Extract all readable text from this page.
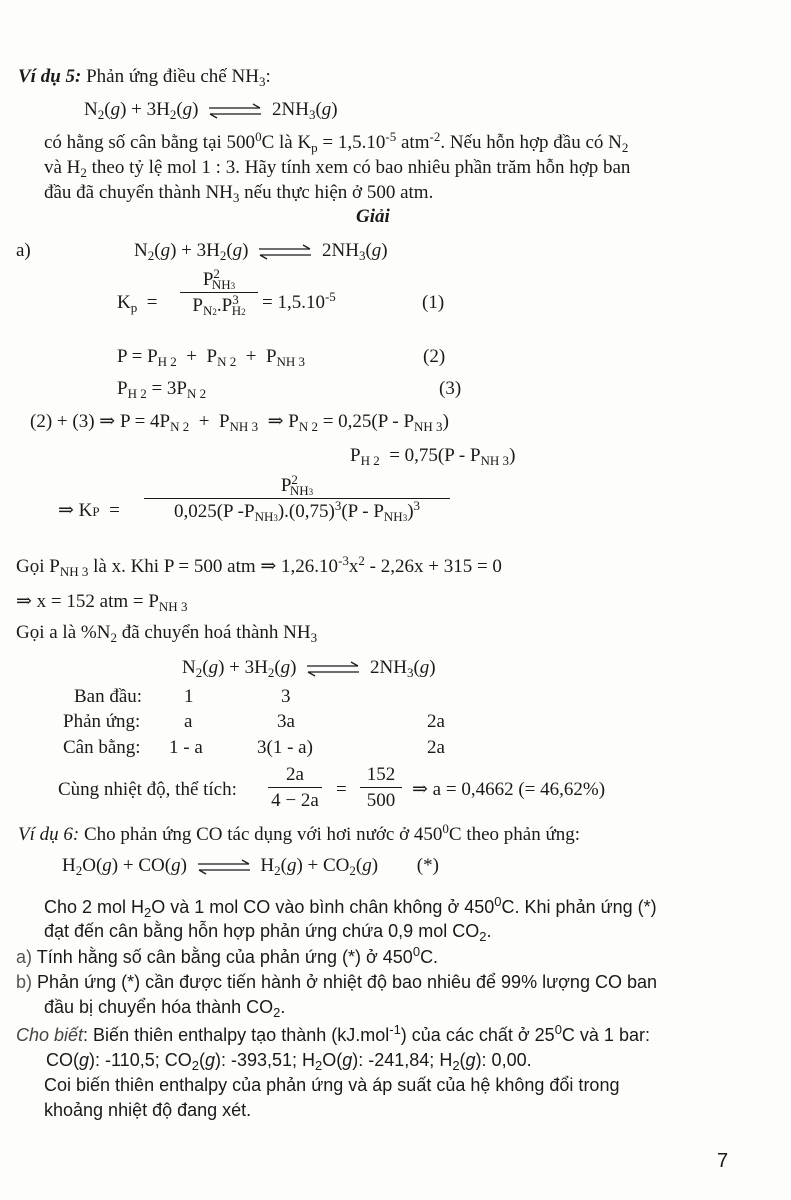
Ví dụ 5: Phản ứng điều chế $NH_3$:
$N_2(g) + 3H_2(g)$ ⇌ $2NH_3(g)$
có hằng số cân bằng tại $500^0C$ là $K_p = 1,5.10^{-5}$ atm$^{-2}$. Nếu hỗn hợp đầu có $N_2$
và $H_2$ theo tỷ lệ mol 1 : 3. Hãy tính xem có bao nhiêu phần trăm hỗn hợp ban
đầu đã chuyển thành $NH_3$ nếu thực hiện ở 500 atm.
Giải
a)	$N_2(g) + 3H_2(g)$ ⇌ $2NH_3(g)$
$K_p$  =
$P^2_{NH3}$
$P_{N2}.P^3_{H2} = 1,5.10^{-5}$	(1)
$P = P_{H 2} + P_{N 2} + P_{NH 3}$	(2)
$P_{H 2} = 3P_{N 2}$	(3)
(2) + (3) ⇒ $P = 4P_{N 2} + P_{NH 3}$  ⇒ $P_{N 2} = 0,25(P - P_{NH 3})$
$P_{H 2} = 0,75(P - P_{NH 3})$
⇒ KP  =
$P^2_{NH3}$
0,025(P $-P_{NH3}).(0,75)^3(P - P_{NH3})^3$
Gọi $P_{NH 3}$ là x. Khi P = 500 atm ⇒ $1,26.10^{-3}x^2 - 2,26x + 315 = 0$
⇒ x = 152 atm = $P_{NH 3}$
Gọi a là $\%N_2$ đã chuyển hoá thành $NH_3$
$N_2(g) + 3H_2(g)$ ⇌ $2NH_3(g)$
Ban đầu: 1	3
Phản ứng: a	3a	2a
Cân bằng: 1 - a	3(1 - a)	2a
Cùng nhiệt độ, thể tích:
2a
4 − 2a
=
152
500
⇒ a = 0,4662 (= 46,62%)
Ví dụ 6: Cho phản ứng CO tác dụng với hơi nước ở $450^0C$ theo phản ứng:
$H_2O(g) + CO(g)$ ⇌ $H_2(g) + CO_2(g)$ (*)
Cho 2 mol $H_2O$ và 1 mol CO vào bình chân không ở $450^0C$. Khi phản ứng (*)
đạt đến cân bằng hỗn hợp phản ứng chứa 0,9 mol $CO_2$.
a) Tính hằng số cân bằng của phản ứng (*) ở $450^0C$.
b) Phản ứng (*) cần được tiến hành ở nhiệt độ bao nhiêu để 99% lượng CO ban
đầu bị chuyển hóa thành $CO_2$.
Cho biết: Biến thiên enthalpy tạo thành (kJ.mol$^{-1}$) của các chất ở $25^0C$ và 1 bar:
CO(g): -110,5; $CO_2(g)$: -393,51; $H_2O(g)$: -241,84; $H_2(g)$: 0,00.
Coi biến thiên enthalpy của phản ứng và áp suất của hệ không đổi trong
khoảng nhiệt độ đang xét.
7
